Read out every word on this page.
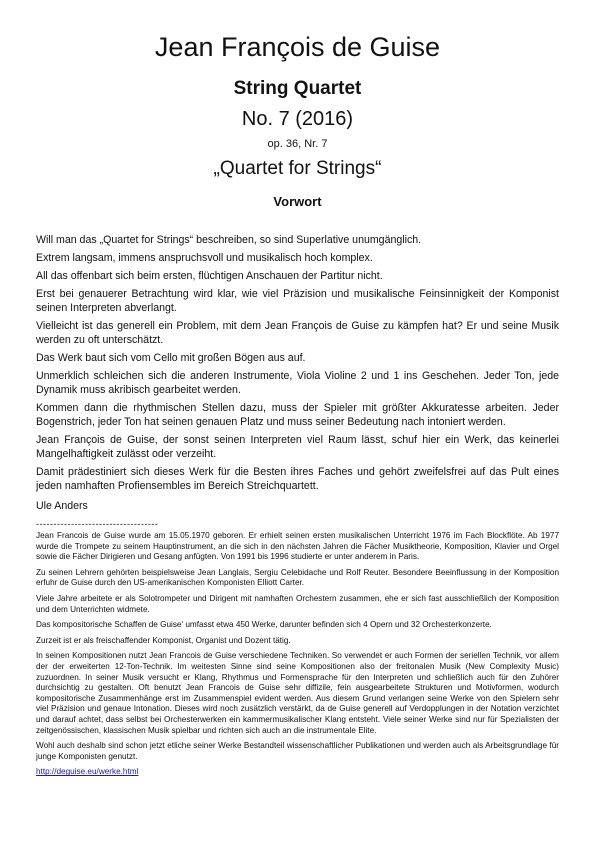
Jean François de Guise
String Quartet
No. 7 (2016)
op. 36, Nr. 7
„Quartet for Strings“
Vorwort

Will man das „Quartet for Strings“ beschreiben, so sind Superlative unumgänglich.

Extrem langsam, immens anspruchsvoll und musikalisch hoch komplex.

All das offenbart sich beim ersten, flüchtigen Anschauen der Partitur nicht.

Erst bei genauerer Betrachtung wird klar, wie viel Präzision und musikalische Feinsinnigkeit der Komponist seinen Interpreten abverlangt.

Vielleicht ist das generell ein Problem, mit dem Jean François de Guise zu kämpfen hat? Er und seine Musik werden zu oft unterschätzt.

Das Werk baut sich vom Cello mit großen Bögen aus auf.

Unmerklich schleichen sich die anderen Instrumente, Viola Violine 2 und 1 ins Geschehen. Jeder Ton, jede Dynamik muss akribisch gearbeitet werden.

Kommen dann die rhythmischen Stellen dazu, muss der Spieler mit größter Akkuratesse arbeiten. Jeder Bogenstrich, jeder Ton hat seinen genauen Platz und muss seiner Bedeutung nach intoniert werden.

Jean François de Guise, der sonst seinen Interpreten viel Raum lässt, schuf hier ein Werk, das keinerlei Mangelhaftigkeit zulässt oder verzeiht.

Damit prädestiniert sich dieses Werk für die Besten ihres Faches und gehört zweifelsfrei auf das Pult eines jeden namhaften Profiensembles im Bereich Streichquartett.

Ule Anders

-----------------------------------

Jean Francois de Guise wurde am 15.05.1970 geboren. Er erhielt seinen ersten musikalischen Unterricht 1976 im Fach Blockflöte. Ab 1977 wurde die Trompete zu seinem Hauptinstrument, an die sich in den nächsten Jahren die Fächer Musiktheorie, Komposition, Klavier und Orgel sowie die Fächer Dirigieren und Gesang anfügten. Von 1991 bis 1996 studierte er unter anderem in Paris.

Zu seinen Lehrern gehörten beispielsweise Jean Langlais, Sergiu Celebidache und Rolf Reuter. Besondere Beeinflussung in der Komposition erfuhr de Guise durch den US-amerikanischen Komponisten Elliott Carter.

Viele Jahre arbeitete er als Solotrompeter und Dirigent mit namhaften Orchestern zusammen, ehe er sich fast ausschließlich der Komposition und dem Unterrichten widmete.

Das kompositorische Schaffen de Guise' umfasst etwa 450 Werke, darunter befinden sich 4 Opern und 32 Orchesterkonzerte.

Zurzeit ist er als freischaffender Komponist, Organist und Dozent tätig.

In seinen Kompositionen nutzt Jean Francois de Guise verschiedene Techniken. So verwendet er auch Formen der seriellen Technik, vor allem der der erweiterten 12-Ton-Technik. Im weitesten Sinne sind seine Kompositionen also der freitonalen Musik (New Complexity Music) zuzuordnen. In seiner Musik versucht er Klang, Rhythmus und Formensprache für den Interpreten und schließlich auch für den Zuhörer durchsichtig zu gestalten. Oft benutzt Jean Francois de Guise sehr diffizile, fein ausgearbeitete Strukturen und Motivformen, wodurch kompositorische Zusammenhänge erst im Zusammenspiel evident werden. Aus diesem Grund verlangen seine Werke von den Spielern sehr viel Präzision und genaue Intonation. Dieses wird noch zusätzlich verstärkt, da de Guise generell auf Verdopplungen in der Notation verzichtet und darauf achtet, dass selbst bei Orchesterwerken ein kammermusikalischer Klang entsteht. Viele seiner Werke sind nur für Spezialisten der zeitgenössischen, klassischen Musik spielbar und richten sich auch an die instrumentale Elite.

Wohl auch deshalb sind schon jetzt etliche seiner Werke Bestandteil wissenschaftlicher Publikationen und werden auch als Arbeitsgrundlage für junge Komponisten genutzt.

http://deguise.eu/werke.html
